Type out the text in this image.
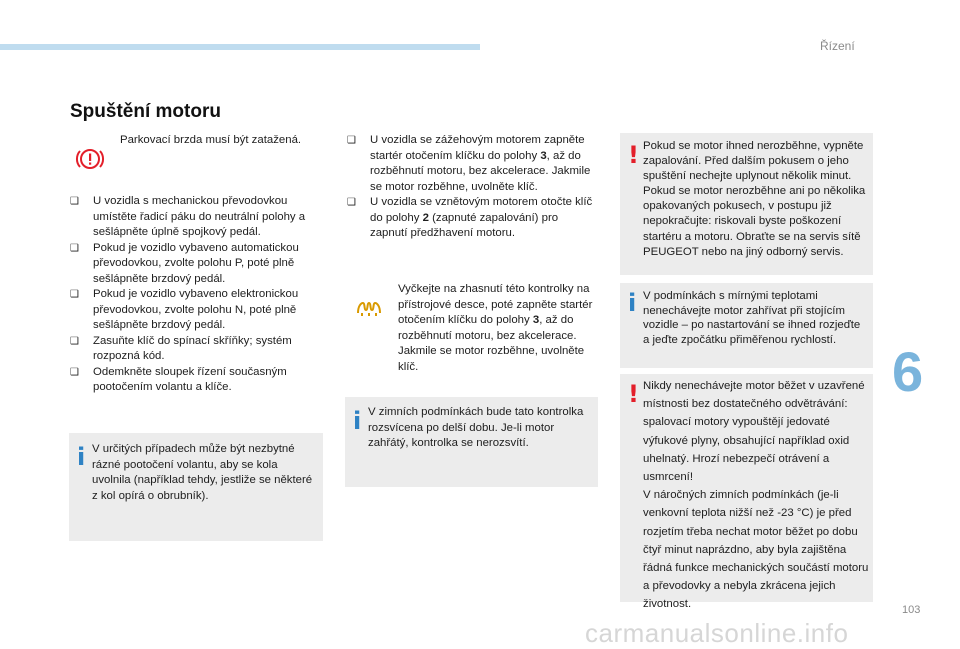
Řízení
6
103
carmanualsonline.info
Spuštění motoru
Parkovací brzda musí být zatažená.
❑ U vozidla s mechanickou převodovkou umístěte řadicí páku do neutrální polohy a sešlápněte úplně spojkový pedál.
❑ Pokud je vozidlo vybaveno automatickou převodovkou, zvolte polohu P, poté plně sešlápněte brzdový pedál.
❑ Pokud je vozidlo vybaveno elektronickou převodovkou, zvolte polohu N, poté plně sešlápněte brzdový pedál.
❑ Zasuňte klíč do spínací skříňky; systém rozpozná kód.
❑ Odemkněte sloupek řízení současným pootočením volantu a klíče.
i V určitých případech může být nezbytné rázné pootočení volantu, aby se kola uvolnila (například tehdy, jestliže se některé z kol opírá o obrubník).
❑ U vozidla se zážehovým motorem zapněte startér otočením klíčku do polohy 3, až do rozběhnutí motoru, bez akcelerace. Jakmile se motor rozběhne, uvolněte klíč.
❑ U vozidla se vznětovým motorem otočte klíč do polohy 2 (zapnuté zapalování) pro zapnutí předžhavení motoru.
Vyčkejte na zhasnutí této kontrolky na přístrojové desce, poté zapněte startér otočením klíčku do polohy 3, až do rozběhnutí motoru, bez akcelerace. Jakmile se motor rozběhne, uvolněte klíč.
i V zimních podmínkách bude tato kontrolka rozsvícena po delší dobu. Je-li motor zahřátý, kontrolka se nerozsvítí.
! Pokud se motor ihned nerozběhne, vypněte zapalování. Před dalším pokusem o jeho spuštění nechejte uplynout několik minut. Pokud se motor nerozběhne ani po několika opakovaných pokusech, v postupu již nepokračujte: riskovali byste poškození startéru a motoru. Obraťte se na servis sítě PEUGEOT nebo na jiný odborný servis.
i V podmínkách s mírnými teplotami nenechávejte motor zahřívat při stojícím vozidle – po nastartování se ihned rozjeďte a jeďte zpočátku přiměřenou rychlostí.
! Nikdy nenechávejte motor běžet v uzavřené místnosti bez dostatečného odvětrávání: spalovací motory vypouštějí jedovaté výfukové plyny, obsahující například oxid uhelnatý. Hrozí nebezpečí otrávení a usmrcení!
V náročných zimních podmínkách (je-li venkovní teplota nižší než -23 °C) je před rozjetím třeba nechat motor běžet po dobu čtyř minut naprázdno, aby byla zajištěna řádná funkce mechanických součástí motoru a převodovky a nebyla zkrácena jejich životnost.
